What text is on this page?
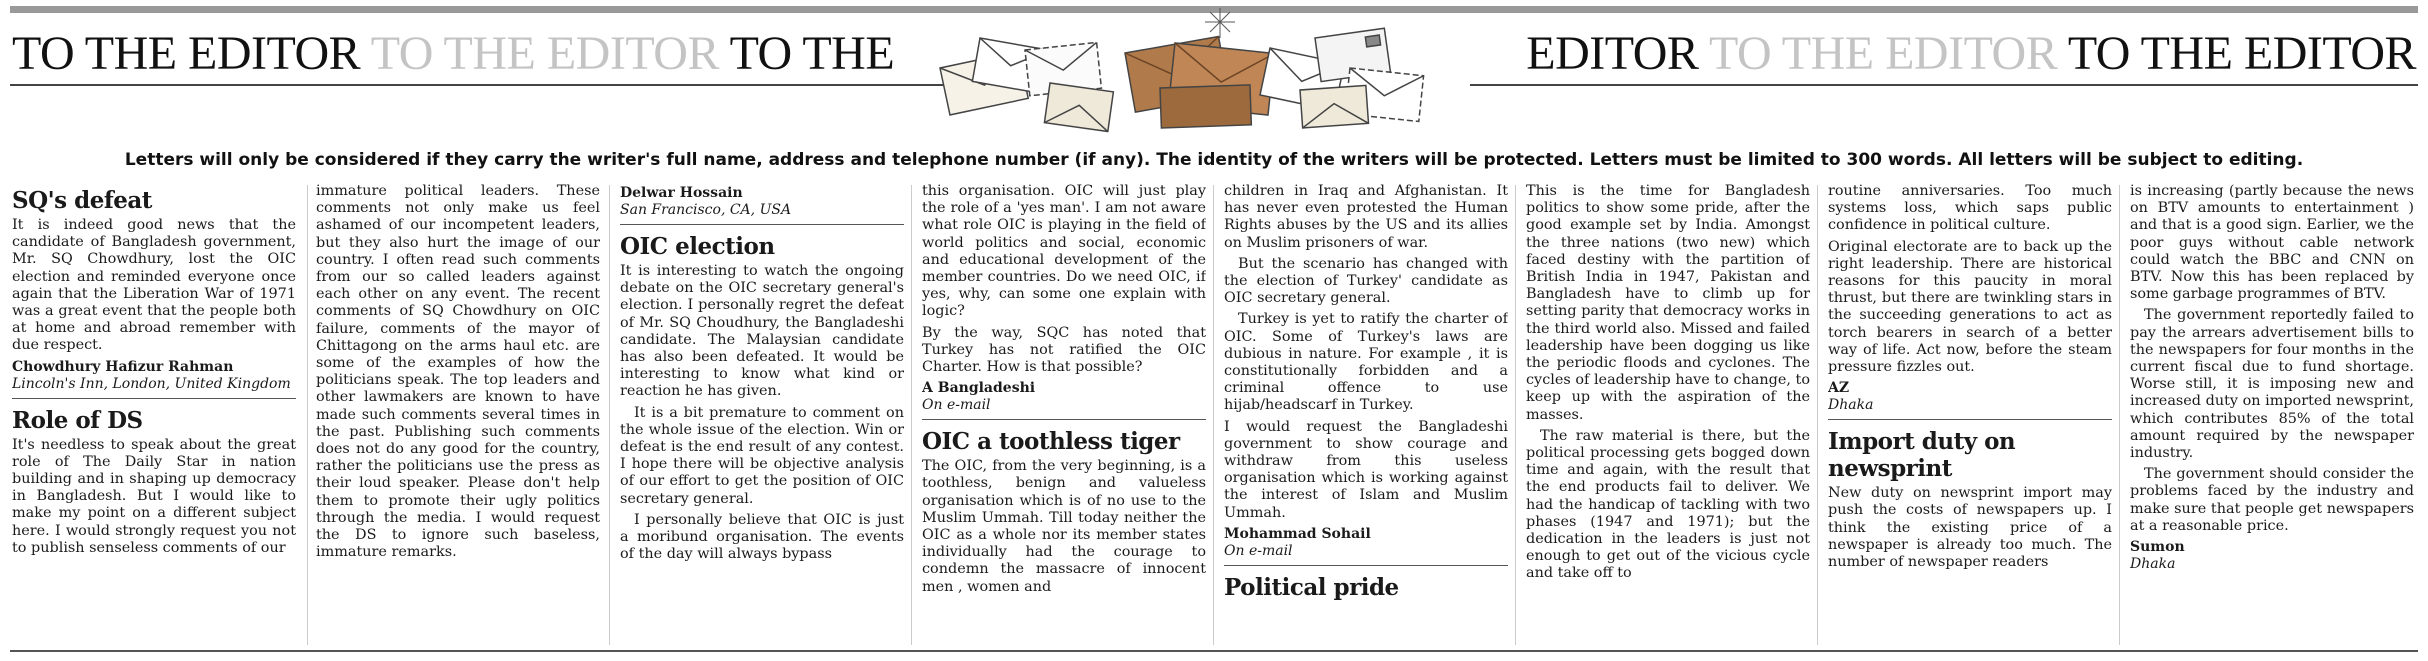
TO THE EDITOR TO THE EDITOR TO THE	EDITOR TO THE EDITOR TO THE EDITOR
Letters will only be considered if they carry the writer's full name, address and telephone number (if any). The identity of the writers will be protected. Letters must be limited to 300 words. All letters will be subject to editing.
SQ's defeat

It is indeed good news that the candidate of Bangladesh government, Mr. SQ Chowdhury, lost the OIC election and reminded everyone once again that the Liberation War of 1971 was a great event that the people both at home and abroad remember with due respect.

Chowdhury Hafizur Rahman
Lincoln's Inn, London, United Kingdom
Role of DS

It's needless to speak about the great role of The Daily Star in nation building and in shaping up democracy in Bangladesh. But I would like to make my point on a different subject here. I would strongly request you not to publish senseless comments of our

immature political leaders. These comments not only make us feel ashamed of our incompetent leaders, but they also hurt the image of our country. I often read such comments from our so called leaders against each other on any event. The recent comments of SQ Chowdhury on OIC failure, comments of the mayor of Chittagong on the arms haul etc. are some of the examples of how the politicians speak. The top leaders and other lawmakers are known to have made such comments several times in the past. Publishing such comments does not do any good for the country, rather the politicians use the press as their loud speaker. Please don't help them to promote their ugly politics through the media. I would request the DS to ignore such baseless, immature remarks.

Delwar Hossain
San Francisco, CA, USA
OIC election

It is interesting to watch the ongoing debate on the OIC secretary general's election. I personally regret the defeat of Mr. SQ Choudhury, the Bangladeshi candidate. The Malaysian candidate has also been defeated. It would be interesting to know what kind or reaction he has given.

It is a bit premature to comment on the whole issue of the election. Win or defeat is the end result of any contest. I hope there will be objective analysis of our effort to get the position of OIC secretary general.

I personally believe that OIC is just a moribund organisation. The events of the day will always bypass

this organisation. OIC will just play the role of a 'yes man'. I am not aware what role OIC is playing in the field of world politics and social, economic and educational development of the member countries. Do we need OIC, if yes, why, can some one explain with logic?

By the way, SQC has noted that Turkey has not ratified the OIC Charter. How is that possible?

A Bangladeshi
On e-mail
OIC a toothless tiger

The OIC, from the very beginning, is a toothless, benign and valueless organisation which is of no use to the Muslim Ummah. Till today neither the OIC as a whole nor its member states individually had the courage to condemn the massacre of innocent men , women and

children in Iraq and Afghanistan. It has never even protested the Human Rights abuses by the US and its allies on Muslim prisoners of war.

But the scenario has changed with the election of Turkey' candidate as OIC secretary general.

Turkey is yet to ratify the charter of OIC. Some of Turkey's laws are dubious in nature. For example , it is constitutionally forbidden and a criminal offence to use hijab/headscarf in Turkey.

I would request the Bangladeshi government to show courage and withdraw from this useless organisation which is working against the interest of Islam and Muslim Ummah.

Mohammad Sohail
On e-mail
Political pride

This is the time for Bangladesh politics to show some pride, after the good example set by India. Amongst the three nations (two new) which faced destiny with the partition of British India in 1947, Pakistan and Bangladesh have to climb up for setting parity that democracy works in the third world also. Missed and failed leadership have been dogging us like the periodic floods and cyclones. The cycles of leadership have to change, to keep up with the aspiration of the masses.

The raw material is there, but the political processing gets bogged down time and again, with the result that the end products fail to deliver. We had the handicap of tackling with two phases (1947 and 1971); but the dedication in the leaders is just not enough to get out of the vicious cycle and take off to

routine anniversaries. Too much systems loss, which saps public confidence in political culture.

Original electorate are to back up the right leadership. There are historical reasons for this paucity in moral thrust, but there are twinkling stars in the succeeding generations to act as torch bearers in search of a better way of life. Act now, before the steam pressure fizzles out.

AZ
Dhaka
Import duty on newsprint

New duty on newsprint import may push the costs of newspapers up. I think the existing price of a newspaper is already too much. The number of newspaper readers

is increasing (partly because the news on BTV amounts to entertainment ) and that is a good sign. Earlier, we the poor guys without cable network could watch the BBC and CNN on BTV. Now this has been replaced by some garbage programmes of BTV.

The government reportedly failed to pay the arrears advertisement bills to the newspapers for four months in the current fiscal due to fund shortage. Worse still, it is imposing new and increased duty on imported newsprint, which contributes 85% of the total amount required by the newspaper industry.

The government should consider the problems faced by the industry and make sure that people get newspapers at a reasonable price.

Sumon
Dhaka
